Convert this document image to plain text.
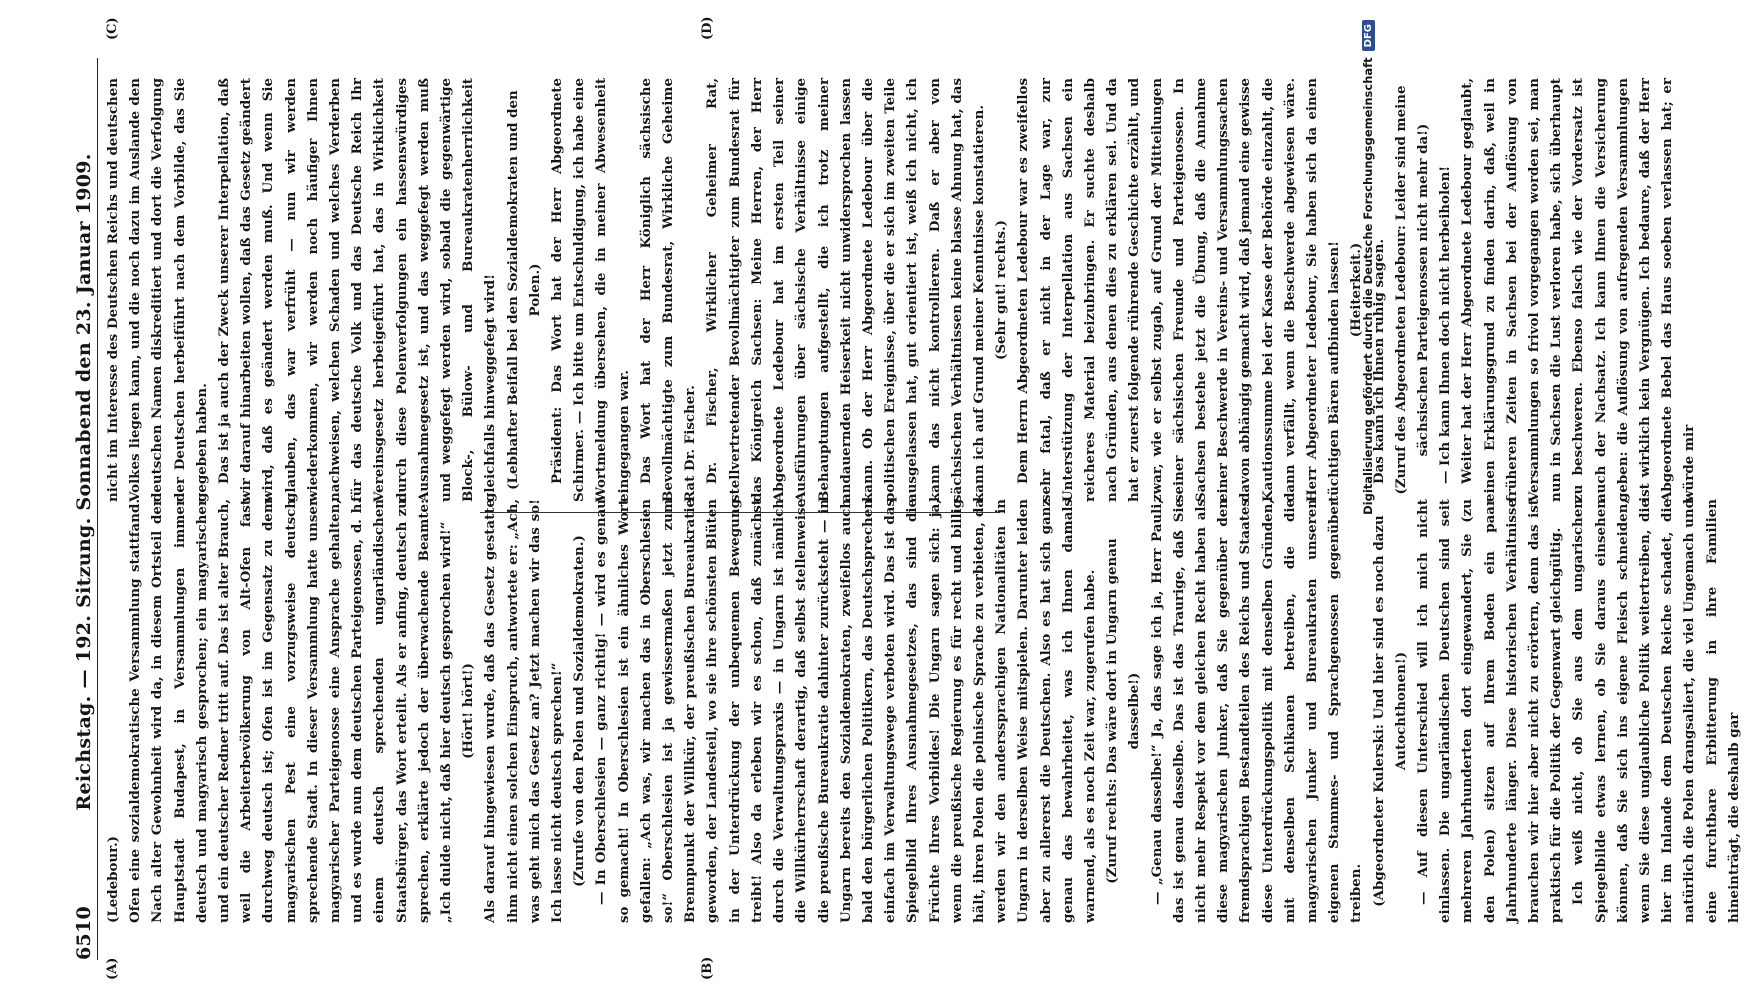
6510
Reichstag. — 192. Sitzung. Sonnabend den 23. Januar 1909.
(A)	(B)
(C)	(D)

(Ledebour.) Ofen eine sozialdemokratische Versammlung stattfand. Nach alter Gewohnheit wird da, in diesem Ortsteil der Hauptstadt Budapest, in Versammlungen immer deutsch und magyarisch gesprochen; ein magyarischer und ein deutscher Redner tritt auf. Das ist alter Brauch, weil die Arbeiterbevölkerung von Alt-Ofen fast durchweg deutsch ist; Ofen ist im Gegensatz zu dem magyarischen Pest eine vorzugsweise deutsch sprechende Stadt. In dieser Versammlung hatte unser magyarischer Parteigenosse eine Ansprache gehalten, und es wurde nun dem deutschen Parteigenossen, d. h. einem deutsch sprechenden ungarländischen Staatsbürger, das Wort erteilt. Als er anfing, deutsch zu sprechen, erklärte jedoch der überwachende Beamte: „Ich dulde nicht, daß hier deutsch gesprochen wird!“ (Hört! hört!) Als darauf hingewiesen wurde, daß das Gesetz gestatte ihm nicht einen solchen Einspruch, antwortete er: „Ach, was geht mich das Gesetz an? Jetzt machen wir das so! Ich lasse nicht deutsch sprechen!“ (Zurufe von den Polen und Sozialdemokraten.) — In Oberschlesien — ganz richtig! — wird es genau so gemacht! In Oberschlesien ist ein ähnliches Wort gefallen: „Ach was, wir machen das in Oberschlesien so!“ Oberschlesien ist ja gewissermaßen jetzt zum Brennpunkt der Willkür, der preußischen Bureaukratie geworden, der Landesteil, wo sie ihre schönsten Blüten in der Unterdrückung der unbequemen Bewegung treibt! Also da erleben wir es schon, daß zunächst durch die Verwaltungspraxis — in Ungarn ist nämlich die Willkürherrschaft derartig, daß selbst stellenweise die preußische Bureaukratie dahinter zurücksteht — in Ungarn bereits den Sozialdemokraten, zweifellos auch bald den bürgerlichen Politikern, das Deutschsprechen einfach im Verwaltungswege verboten wird. Das ist das Spiegelbild Ihres Ausnahmegesetzes, das sind die Früchte Ihres Vorbildes! Die Ungarn sagen sich: ja, wenn die preußische Regierung es für recht und billig hält, ihren Polen die polnische Sprache zu verbieten, da werden wir den anderssprachigen Nationalitäten in Ungarn in derselben Weise mitspielen. Darunter leiden aber zu allererst die Deutschen. Also es hat sich ganz genau das bewahrheitet, was ich Ihnen damals warnend, als es noch Zeit war, zugerufen habe. (Zuruf rechts: Das wäre dort in Ungarn genau dasselbe!) — „Genau dasselbe!“ Ja, das sage ich ja, Herr Pauli, das ist genau dasselbe. Das ist das Traurige, daß Sie nicht mehr Respekt vor dem gleichen Recht haben als diese magyarischen Junker, daß Sie gegenüber den fremdsprachigen Bestandteilen des Reichs und Staates diese Unterdrückungspolitik mit denselben Gründen, mit denselben Schikanen betreiben, die die magyarischen Junker und Bureaukraten unseren eigenen Stammes- und Sprachgenossen gegenüber treiben. (Abgeordneter Kulerski: Und hier sind es noch dazu Autochthonen!) — Auf diesen Unterschied will ich mich nicht einlassen. Die ungarländischen Deutschen sind seit mehreren Jahrhunderten dort eingewandert, Sie (zu den Polen) sitzen auf Ihrem Boden ein paar Jahrhunderte länger. Diese historischen Verhältnisse brauchen wir hier aber nicht zu erörtern, denn das ist praktisch für die Politik der Gegenwart gleichgültig. Ich weiß nicht, ob Sie aus dem ungarischen Spiegelbilde etwas lernen, ob Sie daraus einsehen können, daß Sie sich ins eigene Fleisch schneiden, wenn Sie diese unglaubliche Politik weitertreiben, die hier im Inlande dem Deutschen Reiche schadet, die natürlich die Polen drangsaliert, die viel Ungemach und eine furchtbare Erbitterung in ihre Familien hineinträgt, die deshalb gar

nicht im Interesse des Deutschen Reichs und deutschen Volkes liegen kann, und die noch dazu im Auslande den deutschen Namen diskreditiert und dort die Verfolgung der Deutschen herbeiführt nach dem Vorbilde, das Sie gegeben haben. Das ist ja auch der Zweck unserer Interpellation, daß wir darauf hinarbeiten wollen, daß das Gesetz geändert wird, daß es geändert werden muß. Und wenn Sie glauben, das war verfrüht — nun wir werden wiederkommen, wir werden noch häufiger Ihnen nachweisen, welchen Schaden und welches Verderben für das deutsche Volk und das Deutsche Reich Ihr Vereinsgesetz herbeigeführt hat, das in Wirklichkeit durch diese Polenverfolgungen ein hassenswürdiges Ausnahmegesetz ist, und das weggefegt werden muß und weggefegt werden wird, sobald die gegenwärtige Block-, Bülow- und Bureaukratenherrlichkeit gleichfalls hinweggefegt wird! (Lebhafter Beifall bei den Sozialdemokraten und den Polen.) Präsident: Das Wort hat der Herr Abgeordnete Schirmer. — Ich bitte um Entschuldigung, ich habe eine Wortmeldung übersehen, die in meiner Abwesenheit eingegangen war. Das Wort hat der Herr Königlich sächsische Bevollmächtigte zum Bundesrat, Wirkliche Geheime Rat Dr. Fischer. Dr. Fischer, Wirklicher Geheimer Rat, stellvertretender Bevollmächtigter zum Bundesrat für das Königreich Sachsen: Meine Herren, der Herr Abgeordnete Ledebour hat im ersten Teil seiner Ausführungen über sächsische Verhältnisse einige Behauptungen aufgestellt, die ich trotz meiner andauernden Heiserkeit nicht unwidersprochen lassen kann. Ob der Herr Abgeordnete Ledebour über die politischen Ereignisse, über die er sich im zweiten Teile ausgelassen hat, gut orientiert ist, weiß ich nicht, ich kann das nicht kontrollieren. Daß er aber von sächsischen Verhältnissen keine blasse Ahnung hat, das kann ich auf Grund meiner Kenntnisse konstatieren. (Sehr gut! rechts.) Dem Herrn Abgeordneten Ledebour war es zweifellos sehr fatal, daß er nicht in der Lage war, zur Unterstützung der Interpellation aus Sachsen ein reicheres Material beizubringen. Er suchte deshalb nach Gründen, aus denen dies zu erklären sei. Und da hat er zuerst folgende rührende Geschichte erzählt, und zwar, wie er selbst zugab, auf Grund der Mitteilungen seiner sächsischen Freunde und Parteigenossen. In Sachsen bestehe jetzt die Übung, daß die Annahme einer Beschwerde in Vereins- und Versammlungssachen davon abhängig gemacht wird, daß jemand eine gewisse Kautionssumme bei der Kasse der Behörde einzahlt, die dann verfällt, wenn die Beschwerde abgewiesen wäre. Herr Abgeordneter Ledebour, Sie haben sich da einen tüchtigen Bären aufbinden lassen! (Heiterkeit.) Das kann ich Ihnen ruhig sagen. (Zuruf des Abgeordneten Ledebour: Leider sind meine sächsischen Parteigenossen nicht mehr da!) — Ich kann Ihnen doch nicht herbeiholen! Weiter hat der Herr Abgeordnete Ledebour geglaubt, einen Erklärungsgrund zu finden darin, daß, weil in früheren Zeiten in Sachsen bei der Auflösung von Versammlungen so frivol vorgegangen worden sei, man nun in Sachsen die Lust verloren habe, sich überhaupt zu beschweren. Ebenso falsch wie der Vordersatz ist auch der Nachsatz. Ich kann Ihnen die Versicherung geben: die Auflösung von aufregenden Versammlungen ist wirklich kein Vergnügen. Ich bedaure, daß der Herr Abgeordnete Bebel das Haus soeben verlassen hat; er würde mir

Digitalisierung gefördert durch die Deutsche Forschungsgemeinschaft
DFG
